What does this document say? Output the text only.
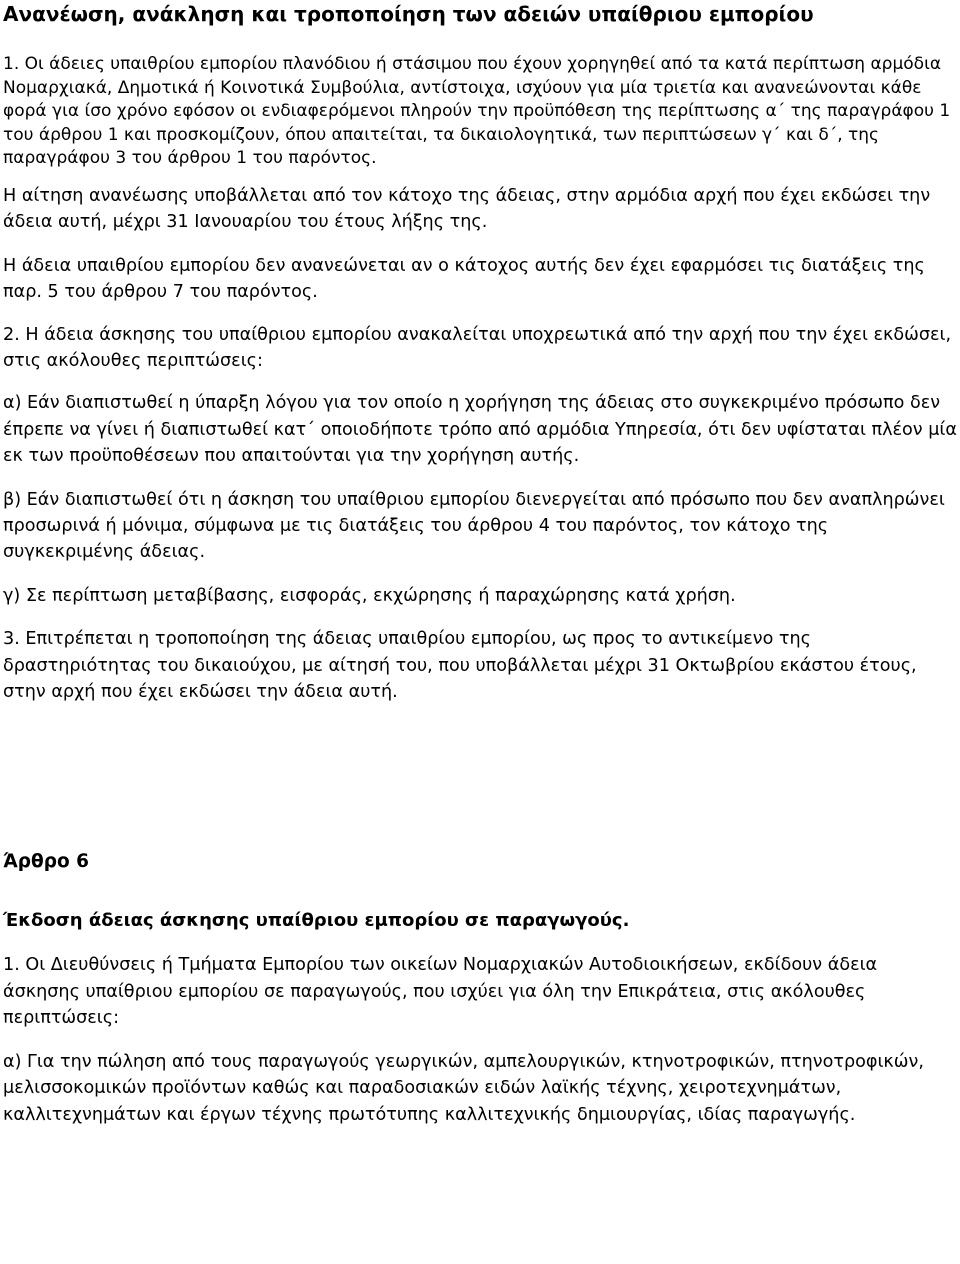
Ανανέωση, ανάκληση και τροποποίηση των αδειών υπαίθριου εμπορίου

1. Οι άδειες υπαιθρίου εμπορίου πλανόδιου ή στάσιμου που έχουν χορηγηθεί από τα κατά περίπτωση αρμόδια Νομαρχιακά, Δημοτικά ή Κοινοτικά Συμβούλια, αντίστοιχα, ισχύουν για μία τριετία και ανανεώνονται κάθε φορά για ίσο χρόνο εφόσον οι ενδιαφερόμενοι πληρούν την προϋπόθεση της περίπτωσης α΄ της παραγράφου 1 του άρθρου 1 και προσκομίζουν, όπου απαιτείται, τα δικαιολογητικά, των περιπτώσεων γ΄ και δ΄, της παραγράφου 3 του άρθρου 1 του παρόντος.

Η αίτηση ανανέωσης υποβάλλεται από τον κάτοχο της άδειας, στην αρμόδια αρχή που έχει εκδώσει την άδεια αυτή, μέχρι 31 Ιανουαρίου του έτους λήξης της.

Η άδεια υπαιθρίου εμπορίου δεν ανανεώνεται αν ο κάτοχος αυτής δεν έχει εφαρμόσει τις διατάξεις της παρ. 5 του άρθρου 7 του παρόντος.

2. Η άδεια άσκησης του υπαίθριου εμπορίου ανακαλείται υποχρεωτικά από την αρχή που την έχει εκδώσει, στις ακόλουθες περιπτώσεις:

α) Εάν διαπιστωθεί η ύπαρξη λόγου για τον οποίο η χορήγηση της άδειας στο συγκεκριμένο πρόσωπο δεν έπρεπε να γίνει ή διαπιστωθεί κατ΄ οποιοδήποτε τρόπο από αρμόδια Υπηρεσία, ότι δεν υφίσταται πλέον μία εκ των προϋποθέσεων που απαιτούνται για την χορήγηση αυτής.

β) Εάν διαπιστωθεί ότι η άσκηση του υπαίθριου εμπορίου διενεργείται από πρόσωπο που δεν αναπληρώνει προσωρινά ή μόνιμα, σύμφωνα με τις διατάξεις του άρθρου 4 του παρόντος, τον κάτοχο της συγκεκριμένης άδειας.

γ) Σε περίπτωση μεταβίβασης, εισφοράς, εκχώρησης ή παραχώρησης κατά χρήση.

3. Επιτρέπεται η τροποποίηση της άδειας υπαιθρίου εμπορίου, ως προς το αντικείμενο της δραστηριότητας του δικαιούχου, με αίτησή του, που υποβάλλεται μέχρι 31 Οκτωβρίου εκάστου έτους, στην αρχή που έχει εκδώσει την άδεια αυτή.

Άρθρο 6
Έκδοση άδειας άσκησης υπαίθριου εμπορίου σε παραγωγούς.

1. Οι Διευθύνσεις ή Τμήματα Εμπορίου των οικείων Νομαρχιακών Αυτοδιοικήσεων, εκδίδουν άδεια άσκησης υπαίθριου εμπορίου σε παραγωγούς, που ισχύει για όλη την Επικράτεια, στις ακόλουθες περιπτώσεις:

α) Για την πώληση από τους παραγωγούς γεωργικών, αμπελουργικών, κτηνοτροφικών, πτηνοτροφικών, μελισσοκομικών προϊόντων καθώς και παραδοσιακών ειδών λαϊκής τέχνης, χειροτεχνημάτων, καλλιτεχνημάτων και έργων τέχνης πρωτότυπης καλλιτεχνικής δημιουργίας, ιδίας παραγωγής.
